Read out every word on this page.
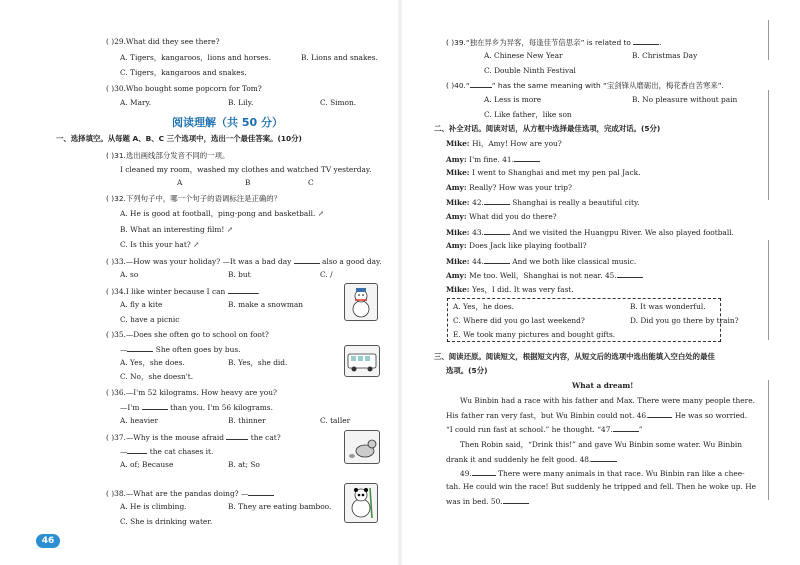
( )29.What did they see there?
A. Tigers，kangaroos，lions and horses.	B. Lions and snakes.
C. Tigers，kangaroos and snakes.
( )30.Who bought some popcorn for Tom?
A. Mary.	B. Lily.	C. Simon.
阅读理解（共 50 分）
一、选择填空。从每题 A、B、C 三个选项中，选出一个最佳答案。(10分)
( )31.选出画线部分发音不同的一项。
I cleaned my room，washed my clothes and watched TV yesterday.
A	B	C
( )32.下列句子中，哪一个句子的语调标注是正确的？
A. He is good at football，ping-pong and basketball. ↗
B. What an interesting film! ↗
C. Is this your hat? ↗
( )33.—How was your holiday? —It was a bad day	also a good day.
A. so	B. but	C. /
( )34.I like winter because I can	.
A. fly a kite	B. make a snowman
C. have a picnic
( )35.—Does she often go to school on foot?
—	She often goes by bus.
A. Yes，she does.	B. Yes，she did.
C. No，she doesn't.
( )36.—I'm 52 kilograms. How heavy are you?
—I'm	than you. I'm 56 kilograms.
A. heavier	B. thinner	C. taller
( )37.—Why is the mouse afraid	the cat?
—	the cat chases it.
A. of; Because	B. at; So
( )38.—What are the pandas doing? —
A. He is climbing.	B. They are eating bamboo.
C. She is drinking water.
46
( )39.“独在异乡为异客，每逢佳节倍思亲” is related to	.
A. Chinese New Year	B. Christmas Day
C. Double Ninth Festival
( )40.“	” has the same meaning with “宝剑锋从磨砺出，梅花香自苦寒来”.
A. Less is more	B. No pleasure without pain
C. Like father，like son
二、补全对话。阅读对话，从方框中选择最佳选项，完成对话。(5分)
Mike: Hi，Amy! How are you?
Amy: I'm fine. 41.
Mike: I went to Shanghai and met my pen pal Jack.
Amy: Really? How was your trip?
Mike: 42.	Shanghai is really a beautiful city.
Amy: What did you do there?
Mike: 43.	And we visited the Huangpu River. We also played football.
Amy: Does Jack like playing football?
Mike: 44.	And we both like classical music.
Amy: Me too. Well，Shanghai is not near. 45.
Mike: Yes，I did. It was very fast.
A. Yes，he does.	B. It was wonderful.
C. Where did you go last weekend?	D. Did you go there by train?
E. We took many pictures and bought gifts.
三、阅读还原。阅读短文，根据短文内容，从短文后的选项中选出能填入空白处的最佳
选项。(5分)
What a dream!
Wu Binbin had a race with his father and Max. There were many people there.
His father ran very fast，but Wu Binbin could not. 46.	He was so worried.
“I could run fast at school.” he thought. “47.	”
Then Robin said，“Drink this!” and gave Wu Binbin some water. Wu Binbin
drank it and suddenly he felt good. 48.
49.	There were many animals in that race. Wu Binbin ran like a chee-
tah. He could win the race! But suddenly he tripped and fell. Then he woke up. He
was in bed. 50.
